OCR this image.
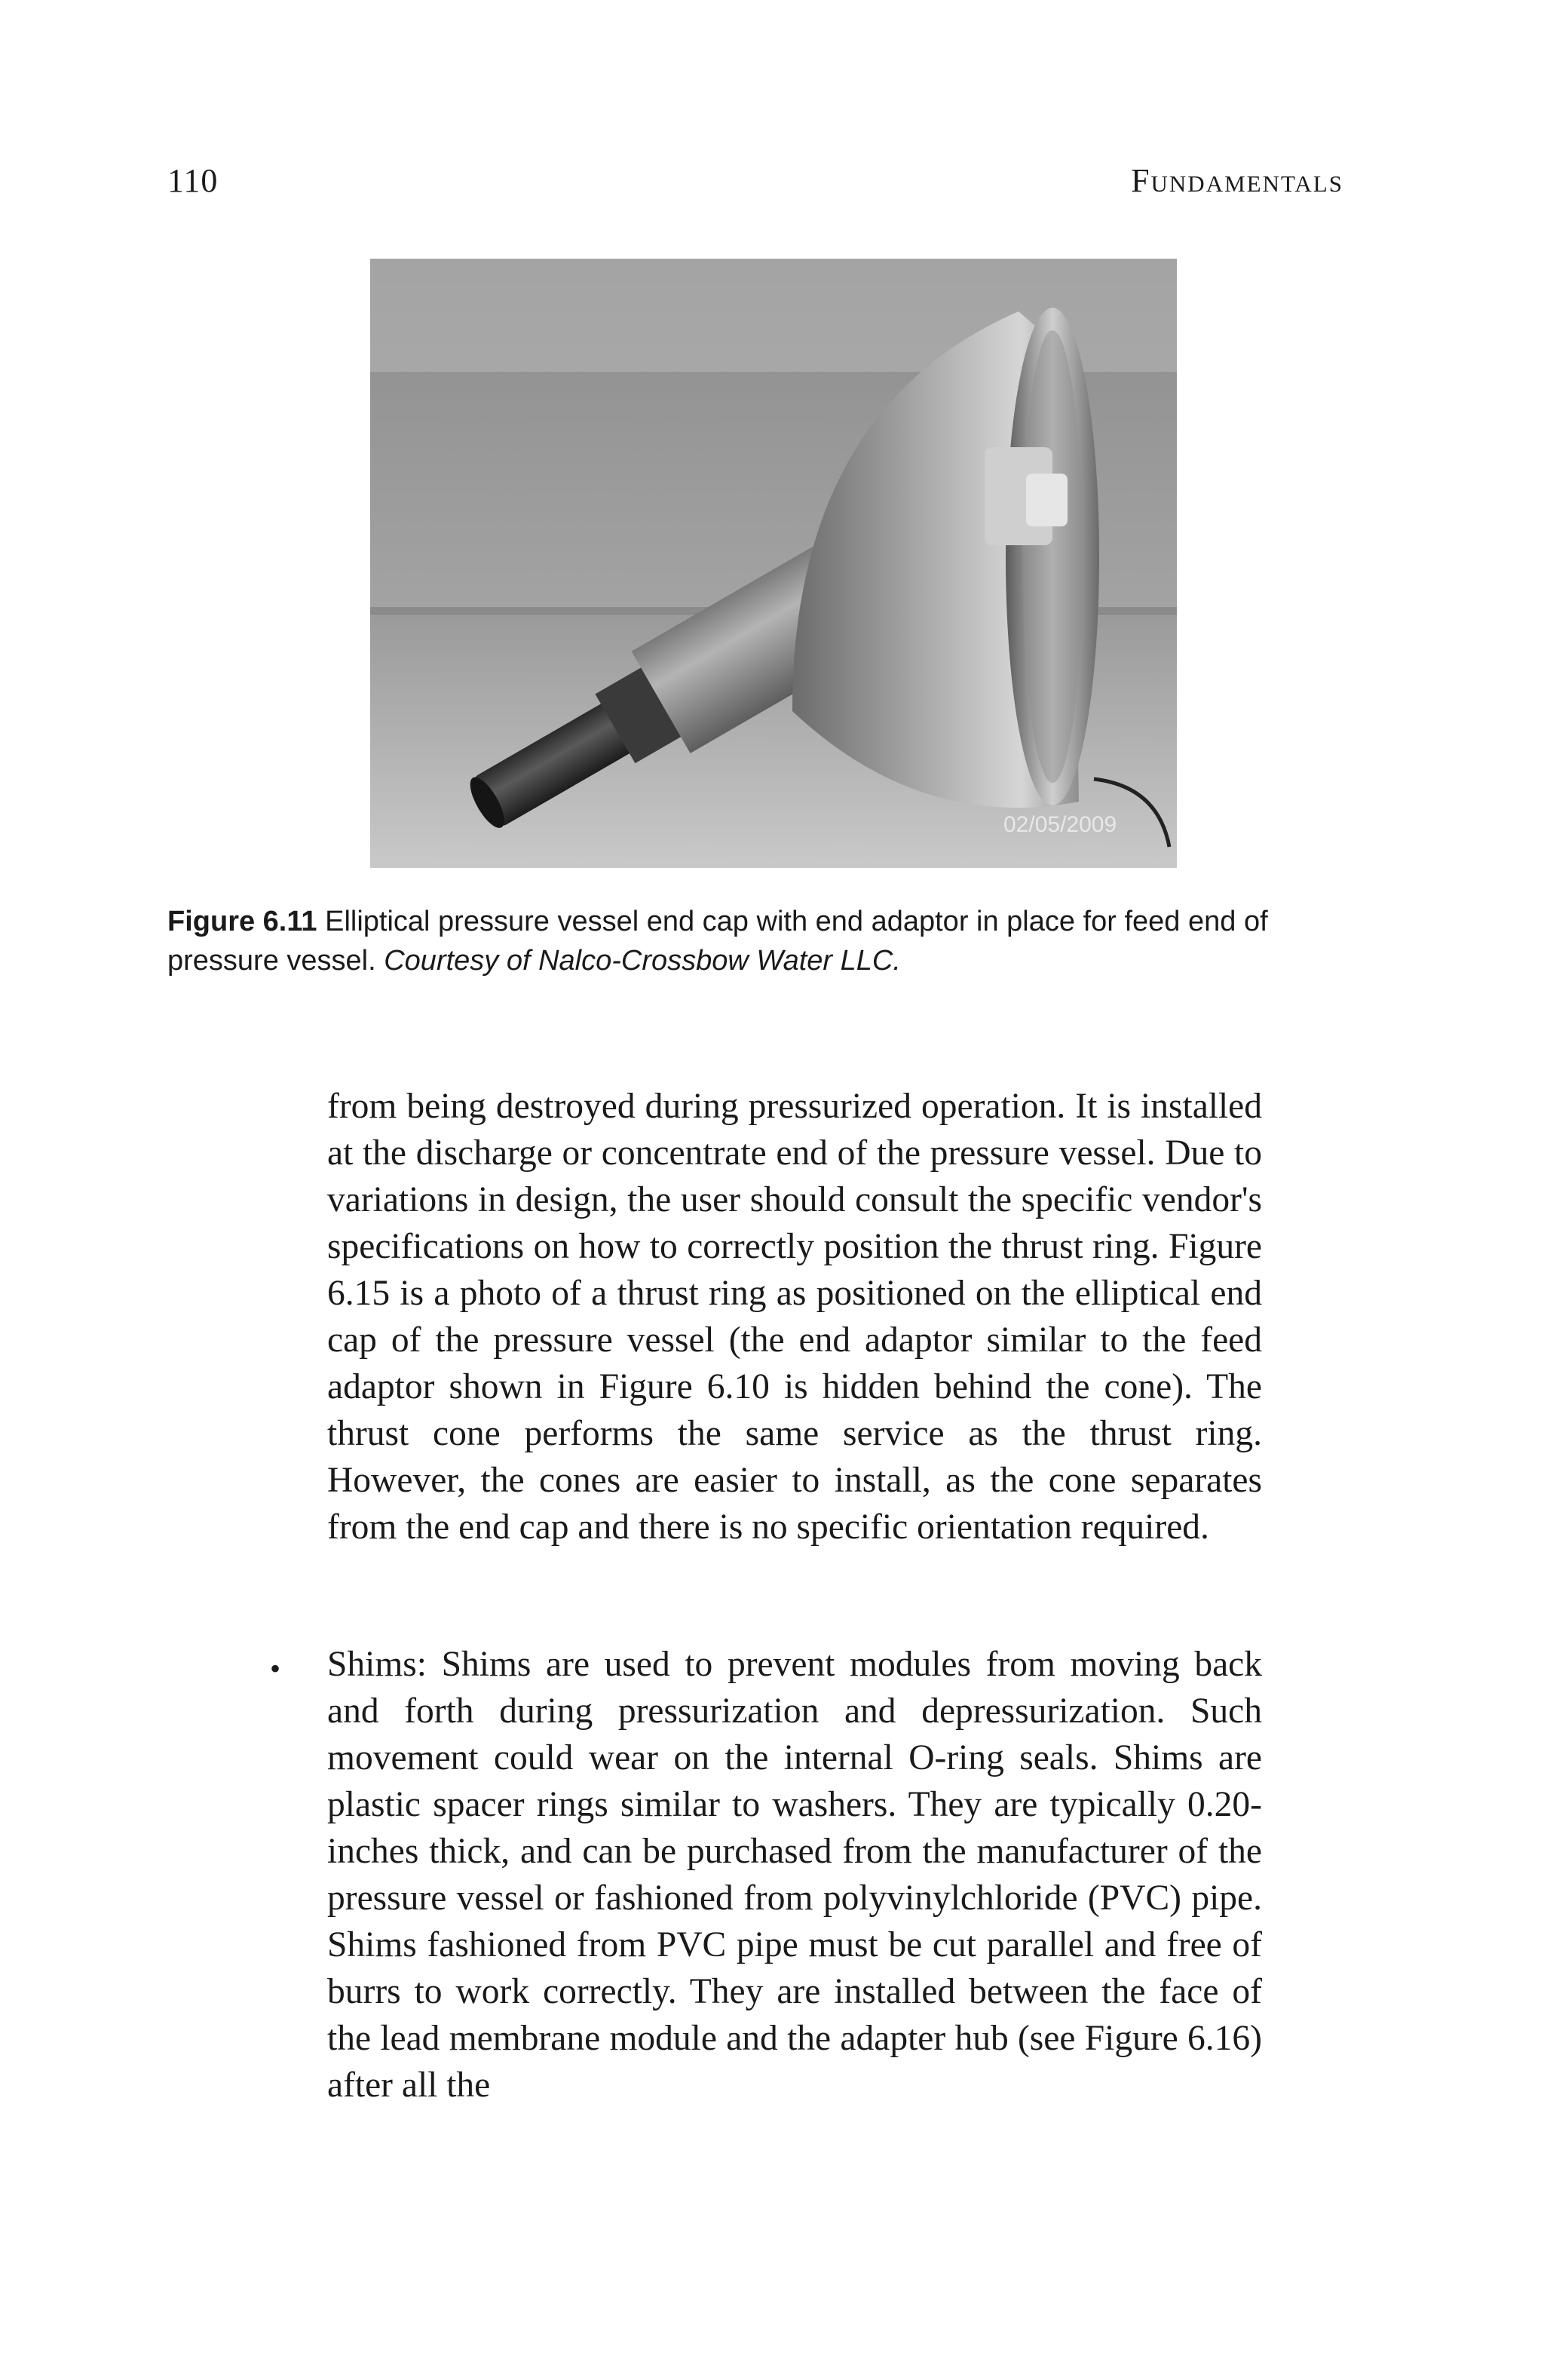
110	Fundamentals
02/05/2009
Figure 6.11 Elliptical pressure vessel end cap with end adaptor in place for feed end of pressure vessel. Courtesy of Nalco-Crossbow Water LLC.
from being destroyed during pressurized operation. It is installed at the discharge or concentrate end of the pressure vessel. Due to variations in design, the user should consult the specific vendor's specifications on how to correctly position the thrust ring. Figure 6.15 is a photo of a thrust ring as positioned on the elliptical end cap of the pressure vessel (the end adaptor similar to the feed adaptor shown in Figure 6.10 is hidden behind the cone). The thrust cone performs the same service as the thrust ring. However, the cones are easier to install, as the cone separates from the end cap and there is no specific orientation required.
• Shims: Shims are used to prevent modules from moving back and forth during pressurization and depressurization. Such movement could wear on the internal O-ring seals. Shims are plastic spacer rings similar to washers. They are typically 0.20-inches thick, and can be purchased from the manufacturer of the pressure vessel or fashioned from polyvinylchloride (PVC) pipe. Shims fashioned from PVC pipe must be cut parallel and free of burrs to work correctly. They are installed between the face of the lead membrane module and the adapter hub (see Figure 6.16) after all the
